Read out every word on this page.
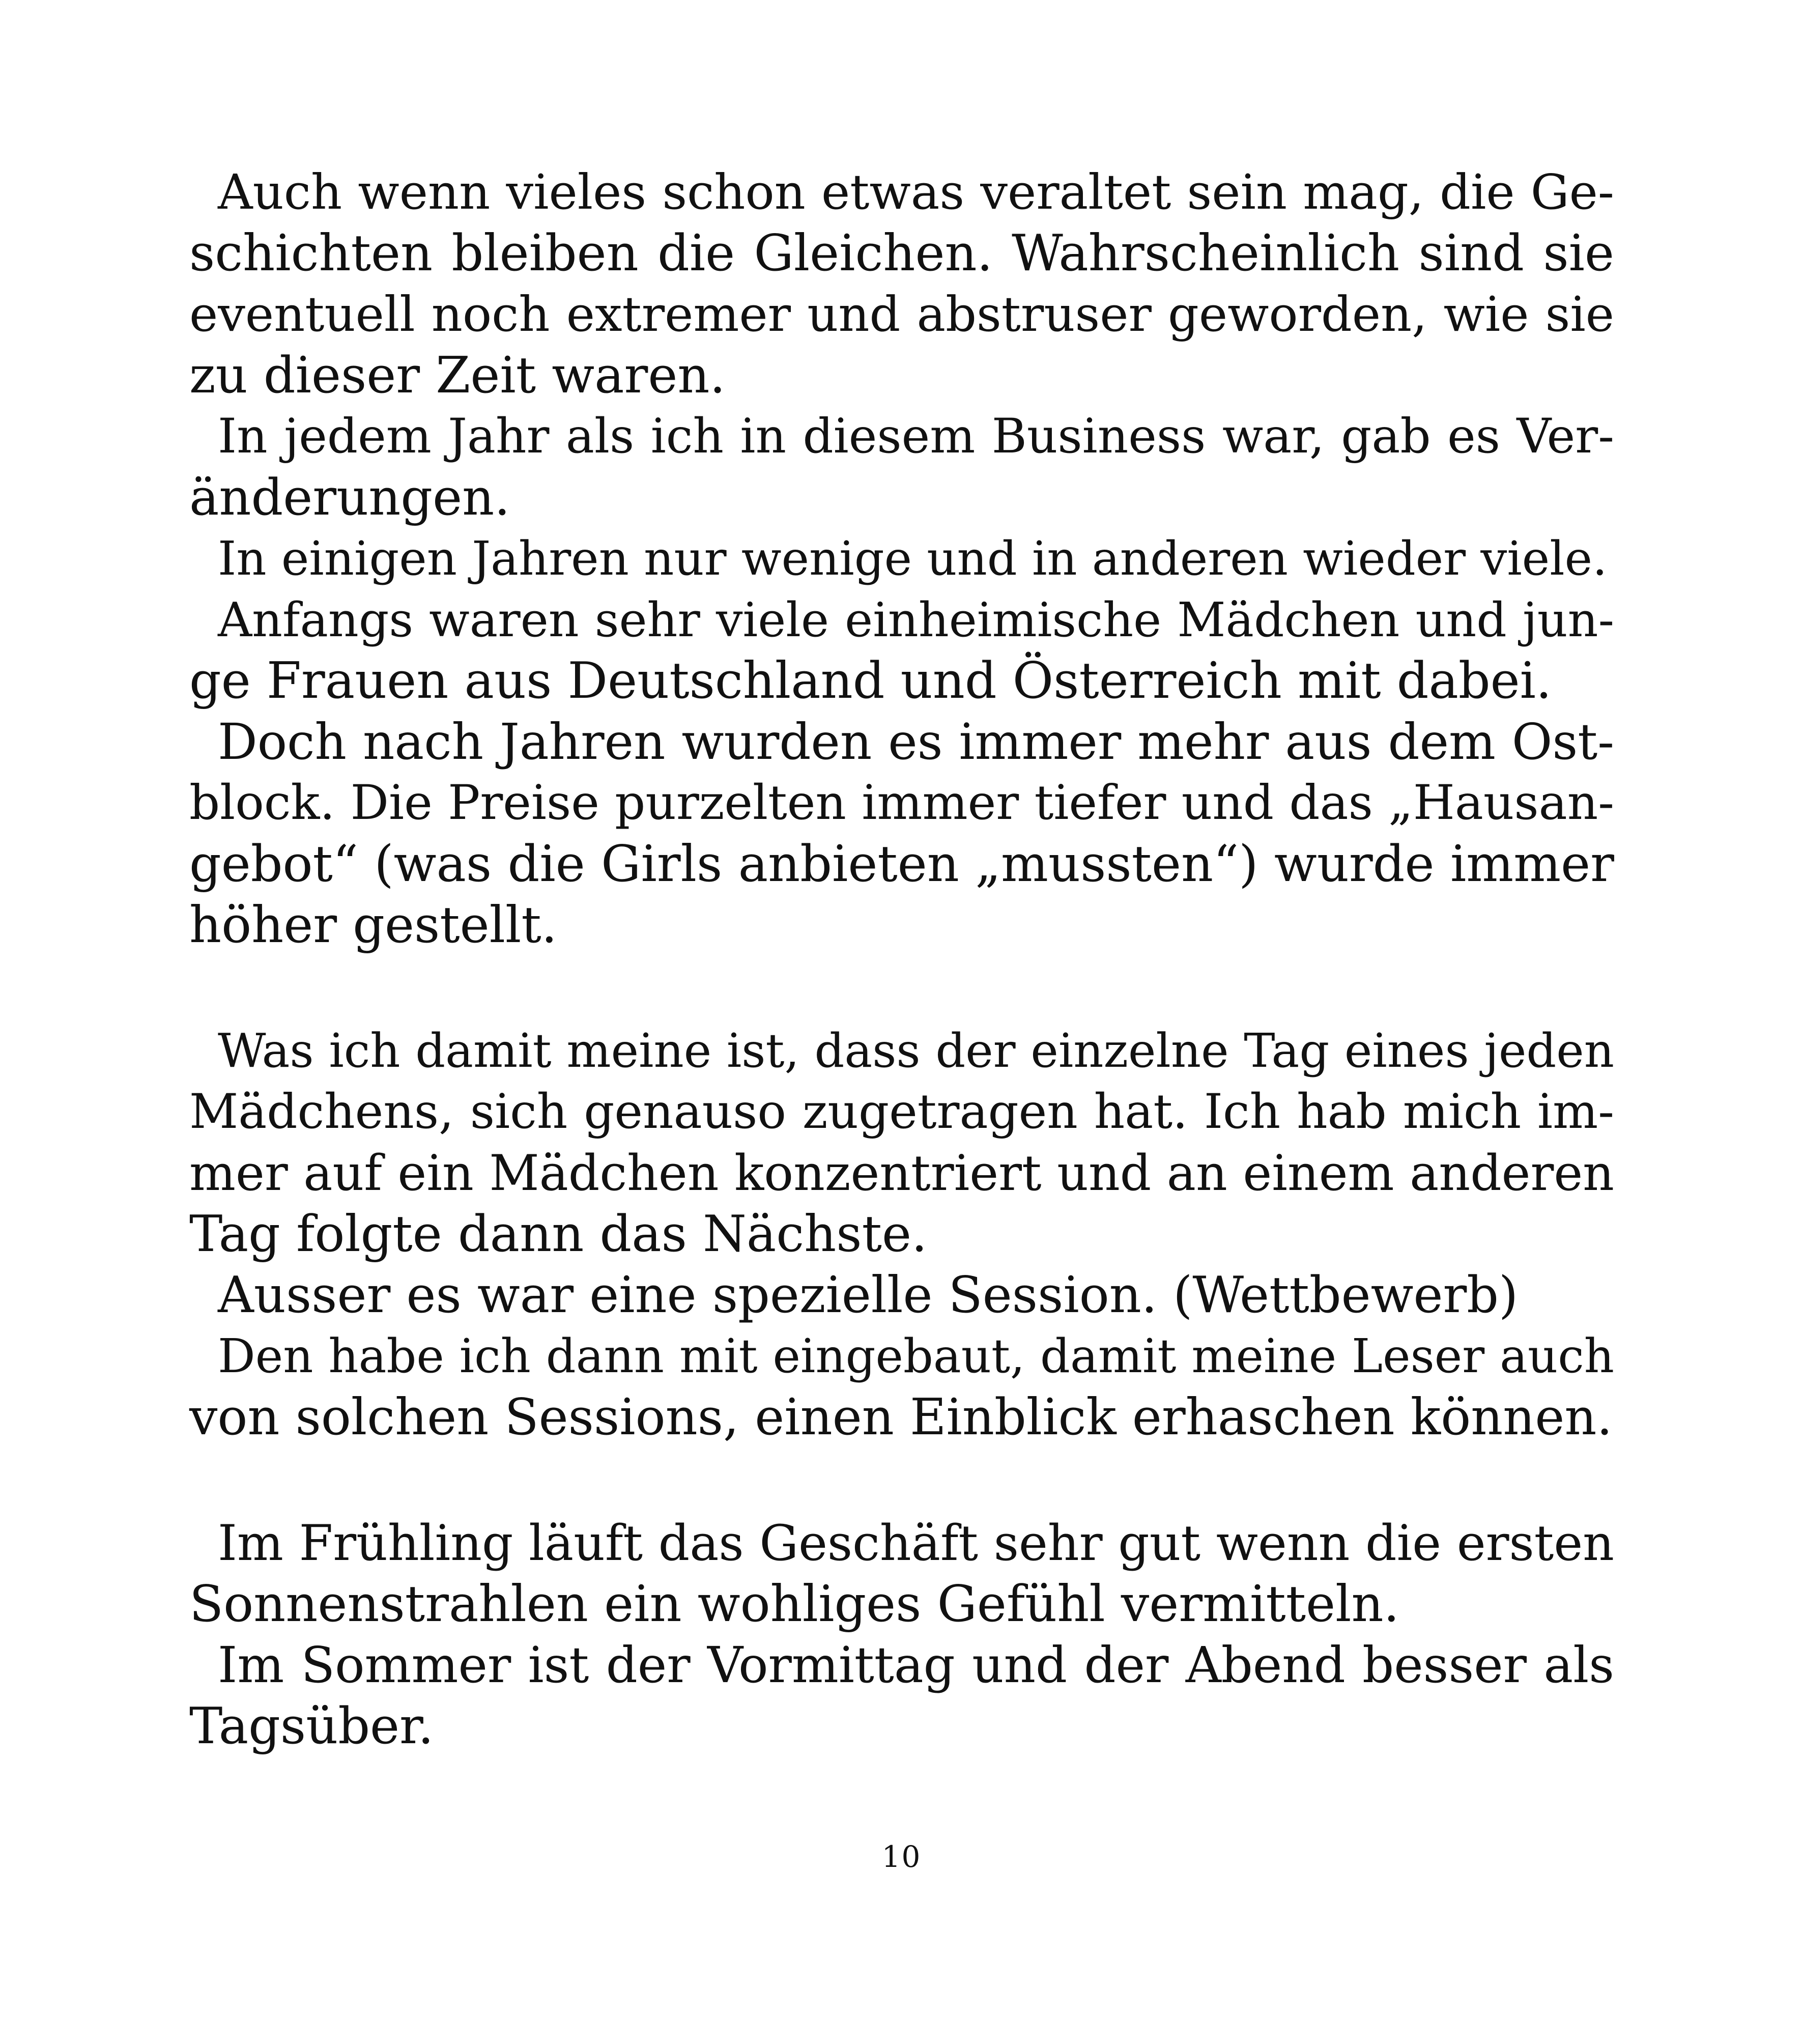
Auch wenn vieles schon etwas veraltet sein mag, die Ge-
schichten bleiben die Gleichen. Wahrscheinlich sind sie
eventuell noch extremer und abstruser geworden, wie sie
zu dieser Zeit waren.
In jedem Jahr als ich in diesem Business war, gab es Ver-
änderungen.
In einigen Jahren nur wenige und in anderen wieder viele.
Anfangs waren sehr viele einheimische Mädchen und jun-
ge Frauen aus Deutschland und Österreich mit dabei.
Doch nach Jahren wurden es immer mehr aus dem Ost-
block. Die Preise purzelten immer tiefer und das „Hausan-
gebot“ (was die Girls anbieten „mussten“) wurde immer
höher gestellt.
Was ich damit meine ist, dass der einzelne Tag eines jeden
Mädchens, sich genauso zugetragen hat. Ich hab mich im-
mer auf ein Mädchen konzentriert und an einem anderen
Tag folgte dann das Nächste.
Ausser es war eine spezielle Session. (Wettbewerb)
Den habe ich dann mit eingebaut, damit meine Leser auch
von solchen Sessions, einen Einblick erhaschen können.
Im Frühling läuft das Geschäft sehr gut wenn die ersten
Sonnenstrahlen ein wohliges Gefühl vermitteln.
Im Sommer ist der Vormittag und der Abend besser als
Tagsüber.
10
